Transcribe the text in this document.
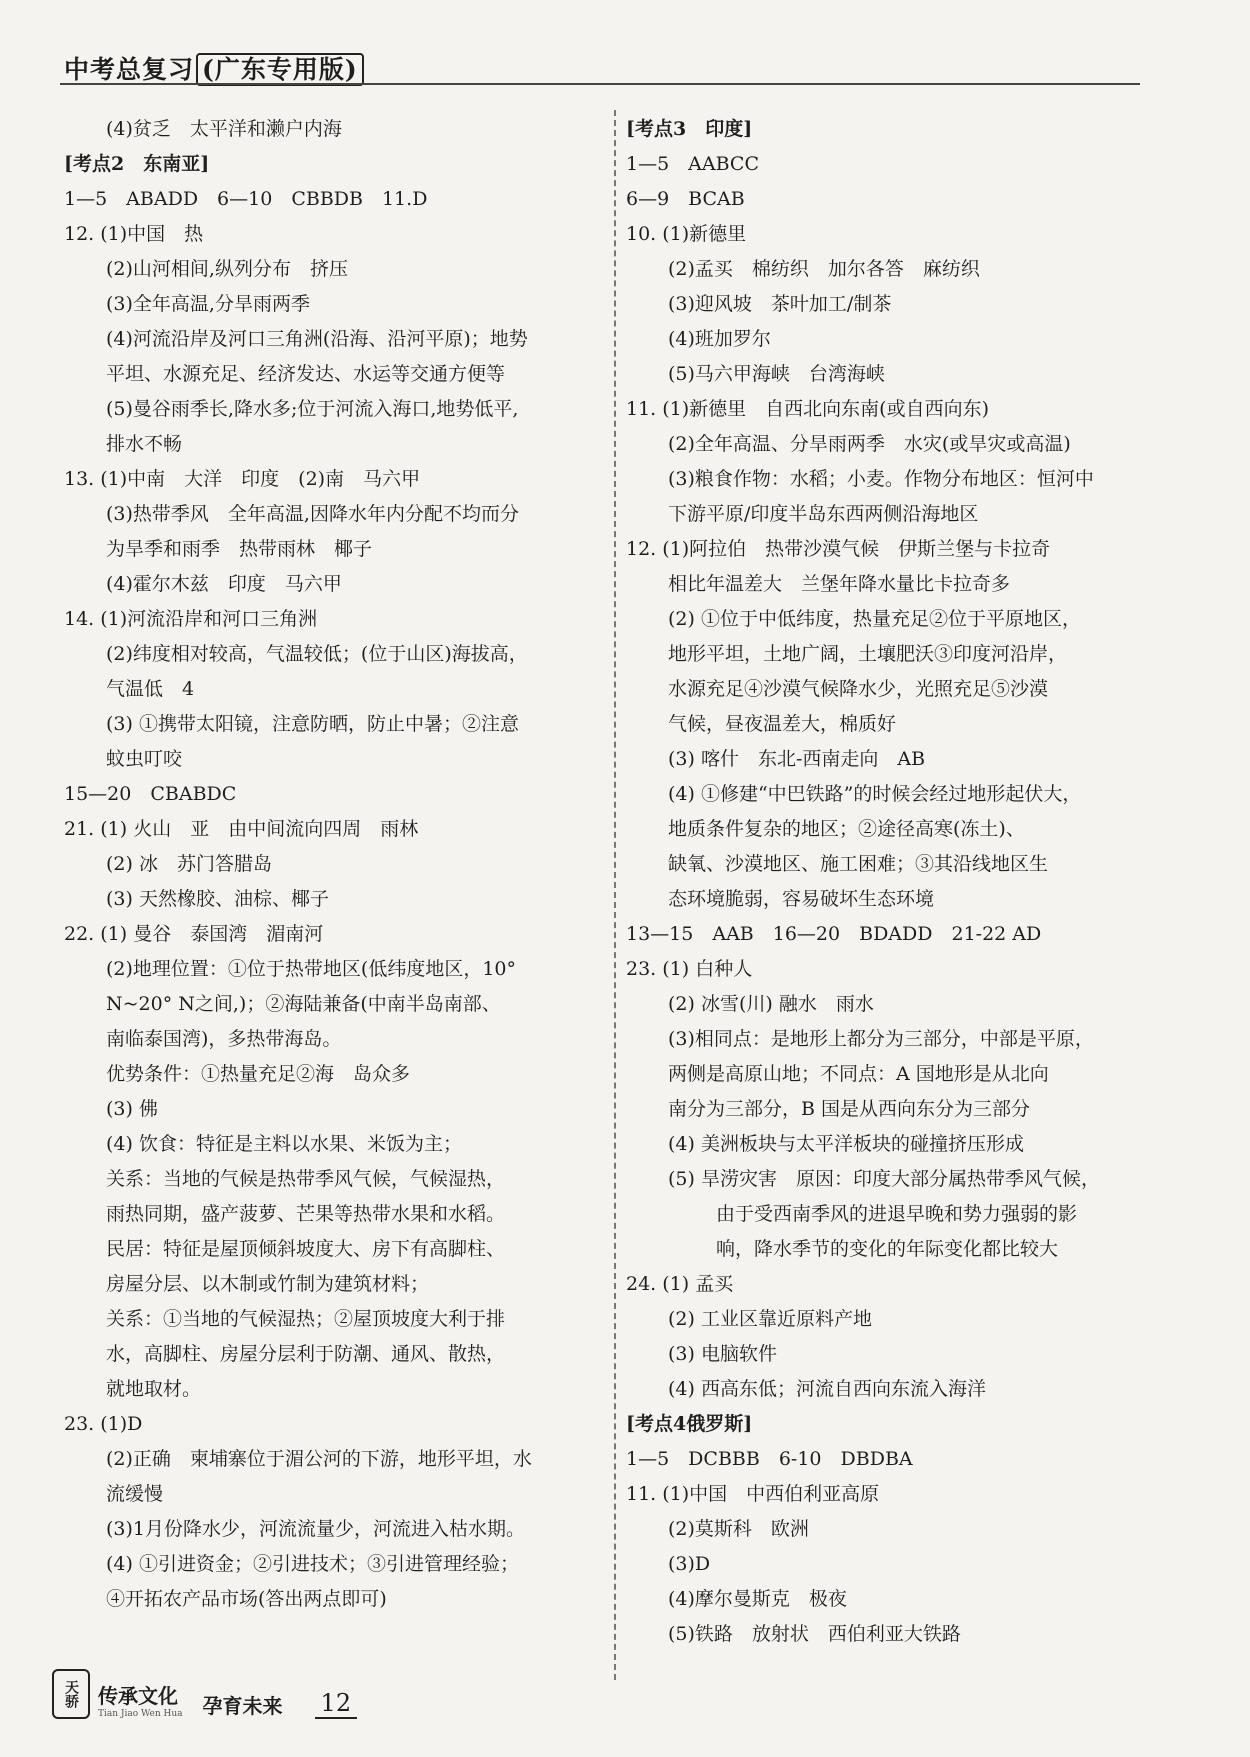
中考总复习 (广东专用版)
(4)贫乏　太平洋和濑户内海
[考点2　东南亚]
1—5　ABADD　6—10　CBBDB　11.D
12. (1)中国　热
(2)山河相间,纵列分布　挤压
(3)全年高温,分旱雨两季
(4)河流沿岸及河口三角洲(沿海、沿河平原)；地势
平坦、水源充足、经济发达、水运等交通方便等
(5)曼谷雨季长,降水多;位于河流入海口,地势低平,
排水不畅
13. (1)中南　大洋　印度　(2)南　马六甲
(3)热带季风　全年高温,因降水年内分配不均而分
为旱季和雨季　热带雨林　椰子
(4)霍尔木兹　印度　马六甲
14. (1)河流沿岸和河口三角洲
(2)纬度相对较高，气温较低；(位于山区)海拔高，
气温低　4
(3) ①携带太阳镜，注意防晒，防止中暑；②注意
蚊虫叮咬
15—20　CBABDC
21. (1) 火山　亚　由中间流向四周　雨林
(2) 冰　苏门答腊岛
(3) 天然橡胶、油棕、椰子
22. (1) 曼谷　泰国湾　湄南河
(2)地理位置：①位于热带地区(低纬度地区，10°
N~20° N之间,)；②海陆兼备(中南半岛南部、
南临泰国湾)，多热带海岛。
优势条件：①热量充足②海　岛众多
(3) 佛
(4) 饮食：特征是主料以水果、米饭为主；
关系：当地的气候是热带季风气候，气候湿热，
雨热同期，盛产菠萝、芒果等热带水果和水稻。
民居：特征是屋顶倾斜坡度大、房下有高脚柱、
房屋分层、以木制或竹制为建筑材料；
关系：①当地的气候湿热；②屋顶坡度大利于排
水，高脚柱、房屋分层利于防潮、通风、散热，
就地取材。
23. (1)D
(2)正确　柬埔寨位于湄公河的下游，地形平坦，水
流缓慢
(3)1月份降水少，河流流量少，河流进入枯水期。
(4) ①引进资金；②引进技术；③引进管理经验；
④开拓农产品市场(答出两点即可)
[考点3　印度]
1—5　AABCC
6—9　BCAB
10. (1)新德里
(2)孟买　棉纺织　加尔各答　麻纺织
(3)迎风坡　茶叶加工/制茶
(4)班加罗尔
(5)马六甲海峡　台湾海峡
11. (1)新德里　自西北向东南(或自西向东)
(2)全年高温、分旱雨两季　水灾(或旱灾或高温)
(3)粮食作物：水稻；小麦。作物分布地区：恒河中
下游平原/印度半岛东西两侧沿海地区
12. (1)阿拉伯　热带沙漠气候　伊斯兰堡与卡拉奇
相比年温差大　兰堡年降水量比卡拉奇多
(2) ①位于中低纬度，热量充足②位于平原地区，
地形平坦，土地广阔，土壤肥沃③印度河沿岸，
水源充足④沙漠气候降水少，光照充足⑤沙漠
气候，昼夜温差大，棉质好
(3) 喀什　东北-西南走向　AB
(4) ①修建“中巴铁路”的时候会经过地形起伏大，
地质条件复杂的地区；②途径高寒(冻土)、
缺氧、沙漠地区、施工困难；③其沿线地区生
态环境脆弱，容易破坏生态环境
13—15　AAB　16—20　BDADD　21-22 AD
23. (1) 白种人
(2) 冰雪(川) 融水　雨水
(3)相同点：是地形上都分为三部分，中部是平原，
两侧是高原山地；不同点：A 国地形是从北向
南分为三部分，B 国是从西向东分为三部分
(4) 美洲板块与太平洋板块的碰撞挤压形成
(5) 旱涝灾害　原因：印度大部分属热带季风气候，
由于受西南季风的进退早晚和势力强弱的影
响，降水季节的变化的年际变化都比较大
24. (1) 孟买
(2) 工业区靠近原料产地
(3) 电脑软件
(4) 西高东低；河流自西向东流入海洋
[考点4俄罗斯]
1—5　DCBBB　6-10　DBDBA
11. (1)中国　中西伯利亚高原
(2)莫斯科　欧洲
(3)D
(4)摩尔曼斯克　极夜
(5)铁路　放射状　西伯利亚大铁路
天骄 传承文化
Tian Jiao Wen Hua 孕育未来 12
